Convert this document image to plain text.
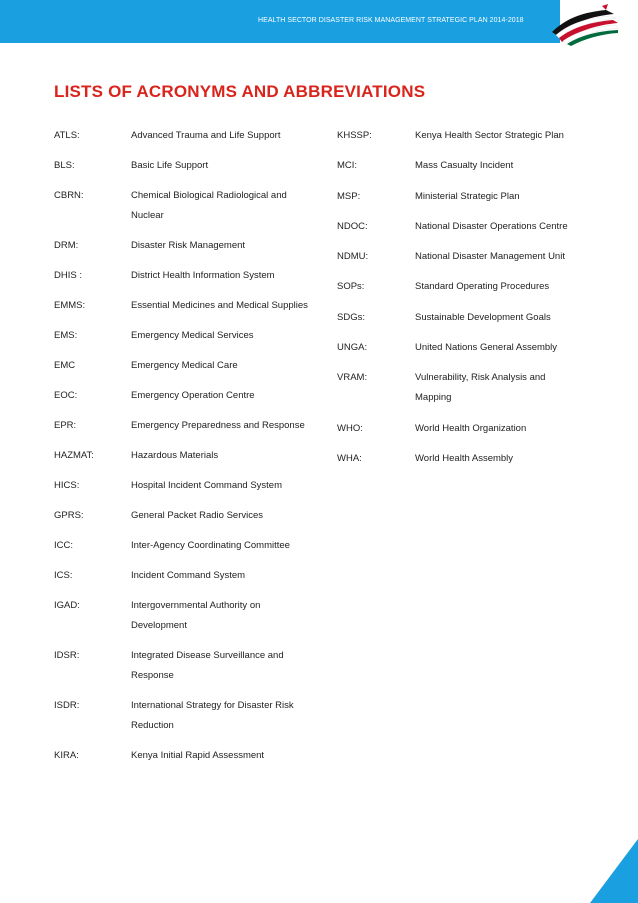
HEALTH SECTOR DISASTER RISK MANAGEMENT STRATEGIC PLAN 2014-2018
LISTS OF ACRONYMS AND ABBREVIATIONS
ATLS:	Advanced Trauma and Life Support
BLS:	Basic Life Support
CBRN:	Chemical Biological Radiological and Nuclear
DRM:	Disaster Risk Management
DHIS :	District Health Information System
EMMS:	Essential Medicines and Medical Supplies
EMS:	Emergency Medical Services
EMC	Emergency Medical Care
EOC:	Emergency Operation Centre
EPR:	Emergency Preparedness and Response
HAZMAT:	Hazardous Materials
HICS:	Hospital Incident Command System
GPRS:	General Packet Radio Services
ICC:	Inter-Agency Coordinating Committee
ICS:	Incident Command System
IGAD:	Intergovernmental Authority on Development
IDSR:	Integrated Disease Surveillance and Response
ISDR:	International Strategy for Disaster Risk Reduction
KIRA:	Kenya Initial Rapid Assessment
KHSSP:	Kenya Health Sector Strategic Plan
MCI:	Mass Casualty Incident
MSP:	Ministerial Strategic Plan
NDOC:	National Disaster Operations Centre
NDMU:	National Disaster Management Unit
SOPs:	Standard Operating Procedures
SDGs:	Sustainable Development Goals
UNGA:	United Nations General Assembly
VRAM:	Vulnerability, Risk Analysis and Mapping
WHO:	World Health Organization
WHA:	World Health Assembly
v
